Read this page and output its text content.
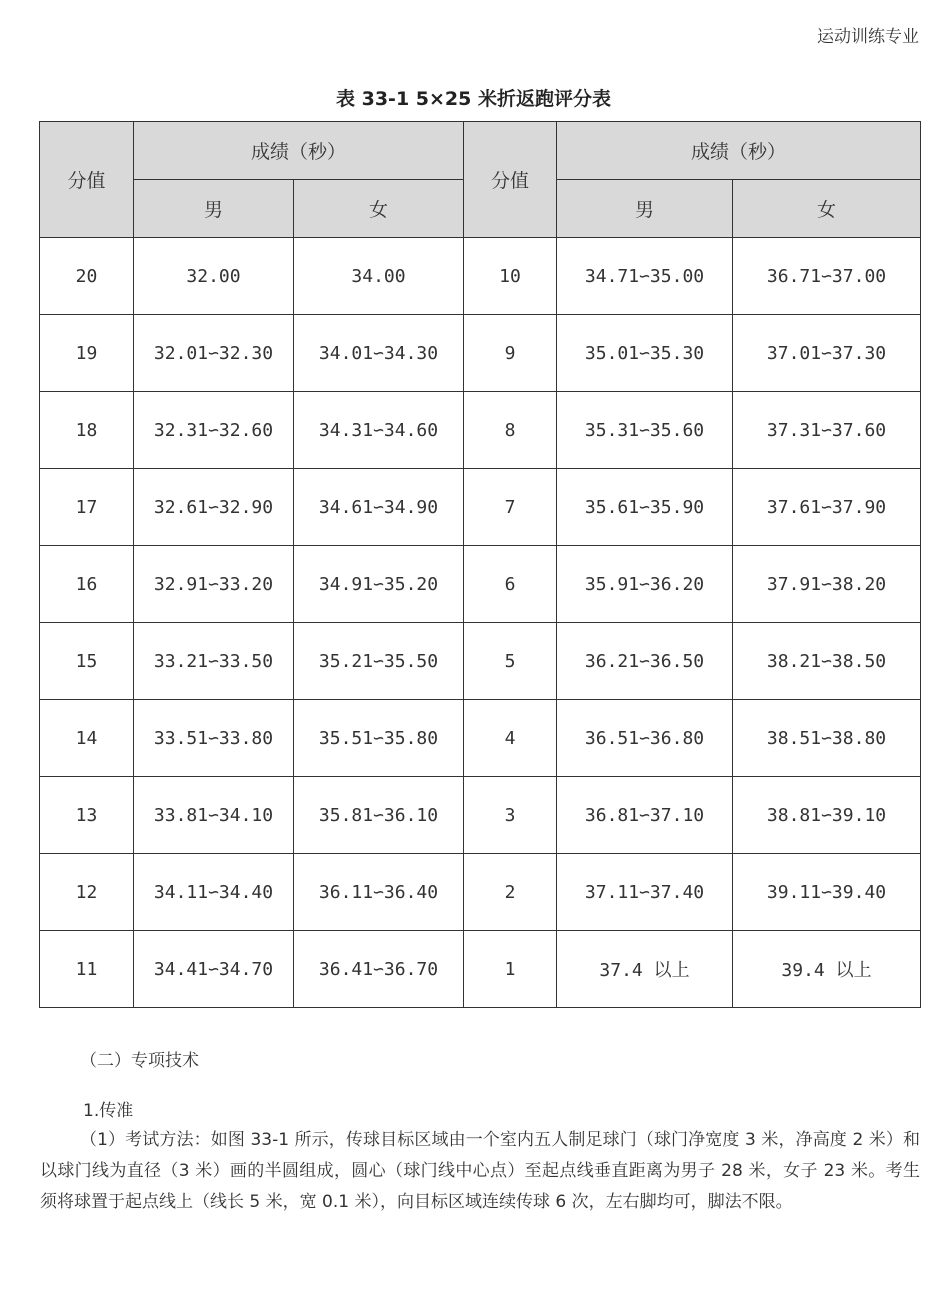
运动训练专业
表 33-1 5×25 米折返跑评分表
分值	成绩（秒）		分值	成绩（秒）	
	男	女		男	女
20	32.00	34.00	10	34.71∽35.00	36.71∽37.00
19	32.01∽32.30	34.01∽34.30	9	35.01∽35.30	37.01∽37.30
18	32.31∽32.60	34.31∽34.60	8	35.31∽35.60	37.31∽37.60
17	32.61∽32.90	34.61∽34.90	7	35.61∽35.90	37.61∽37.90
16	32.91∽33.20	34.91∽35.20	6	35.91∽36.20	37.91∽38.20
15	33.21∽33.50	35.21∽35.50	5	36.21∽36.50	38.21∽38.50
14	33.51∽33.80	35.51∽35.80	4	36.51∽36.80	38.51∽38.80
13	33.81∽34.10	35.81∽36.10	3	36.81∽37.10	38.81∽39.10
12	34.11∽34.40	36.11∽36.40	2	37.11∽37.40	39.11∽39.40
11	34.41∽34.70	36.41∽36.70	1	37.4 以上	39.4 以上
（二）专项技术
1.传准
（1）考试方法：如图 33-1 所示，传球目标区域由一个室内五人制足球门（球门净宽度 3 米，净高度 2 米）和以球门线为直径（3 米）画的半圆组成，圆心（球门线中心点）至起点线垂直距离为男子 28 米，女子 23 米。考生须将球置于起点线上（线长 5 米，宽 0.1 米），向目标区域连续传球 6 次，左右脚均可，脚法不限。
